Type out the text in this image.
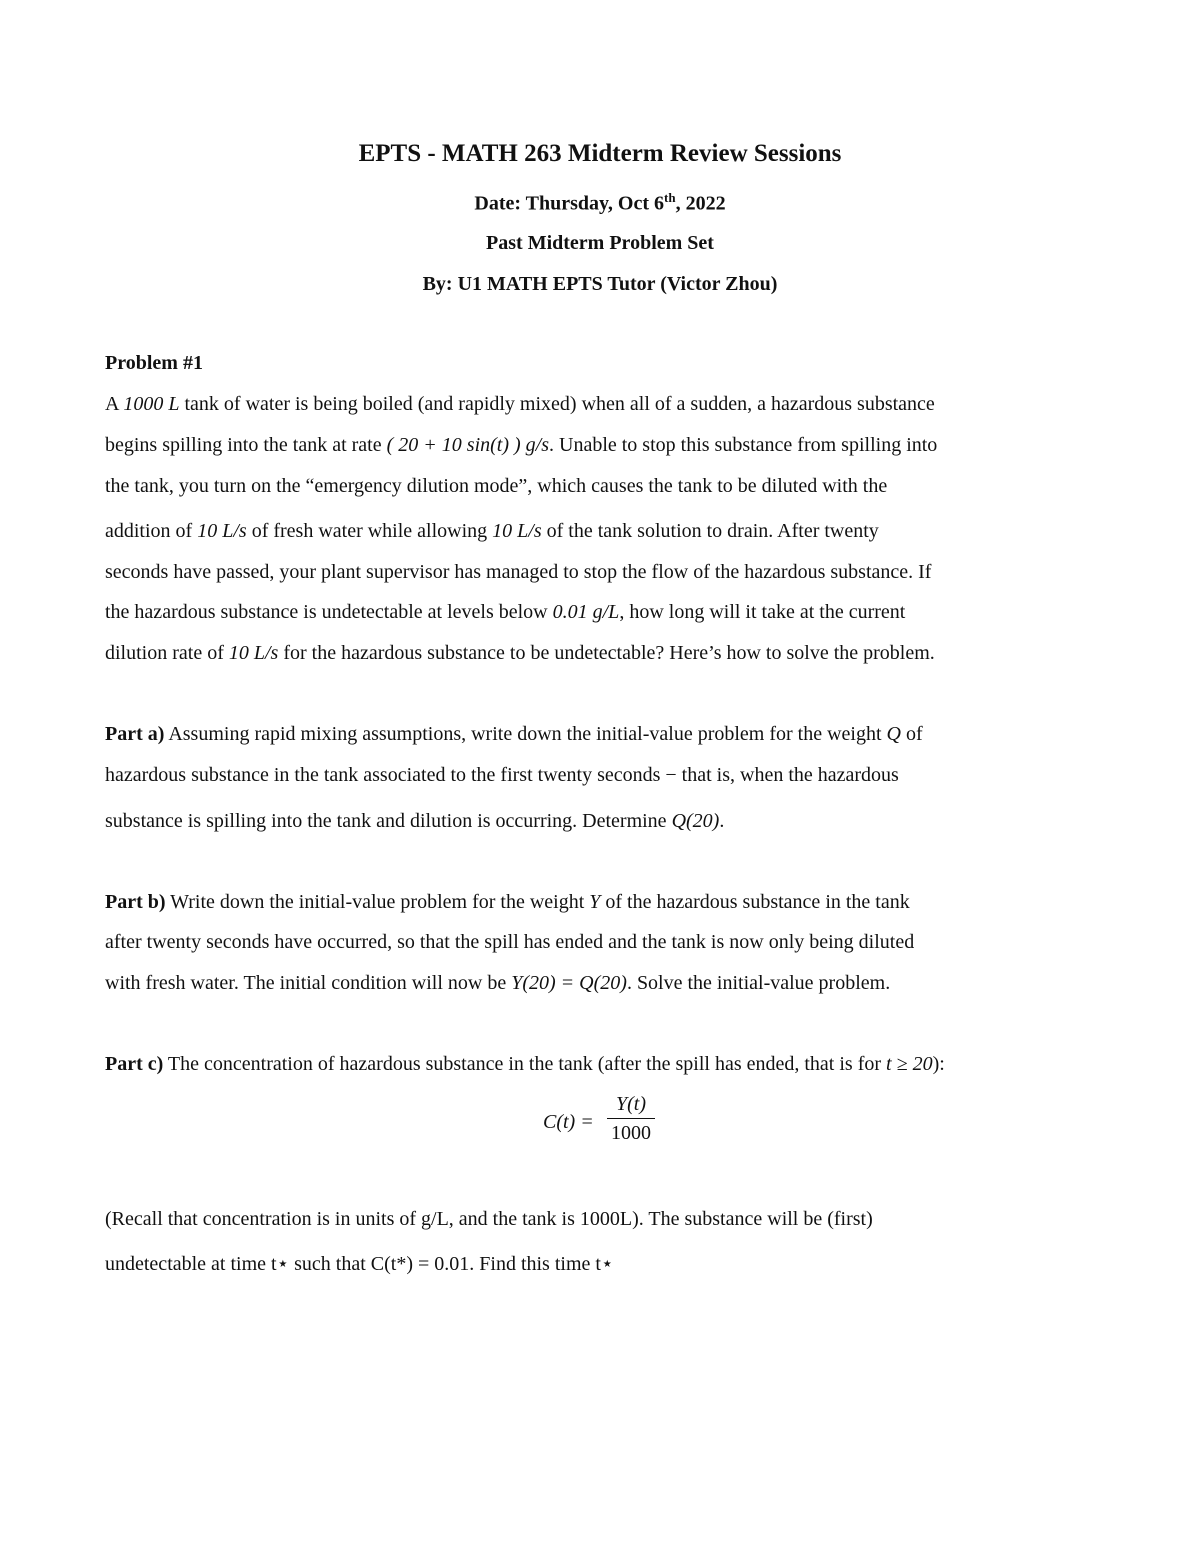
EPTS - MATH 263 Midterm Review Sessions
Date: Thursday, Oct 6th, 2022
Past Midterm Problem Set
By: U1 MATH EPTS Tutor (Victor Zhou)
Problem #1
A 1000 L tank of water is being boiled (and rapidly mixed) when all of a sudden, a hazardous substance
begins spilling into the tank at rate ( 20 + 10 sin(t) ) g/s. Unable to stop this substance from spilling into
the tank, you turn on the “emergency dilution mode”, which causes the tank to be diluted with the
addition of 10 L/s of fresh water while allowing 10 L/s of the tank solution to drain. After twenty
seconds have passed, your plant supervisor has managed to stop the flow of the hazardous substance. If
the hazardous substance is undetectable at levels below 0.01 g/L, how long will it take at the current
dilution rate of 10 L/s for the hazardous substance to be undetectable? Here’s how to solve the problem.
Part a) Assuming rapid mixing assumptions, write down the initial-value problem for the weight Q of
hazardous substance in the tank associated to the first twenty seconds − that is, when the hazardous
substance is spilling into the tank and dilution is occurring. Determine Q(20).
Part b) Write down the initial-value problem for the weight Y of the hazardous substance in the tank
after twenty seconds have occurred, so that the spill has ended and the tank is now only being diluted
with fresh water. The initial condition will now be Y(20) = Q(20). Solve the initial-value problem.
Part c) The concentration of hazardous substance in the tank (after the spill has ended, that is for t ≥ 20):
(Recall that concentration is in units of g/L, and the tank is 1000L). The substance will be (first)
undetectable at time t⋆ such that C(t*) = 0.01. Find this time t⋆
C(t) =
Y(t)
1000
